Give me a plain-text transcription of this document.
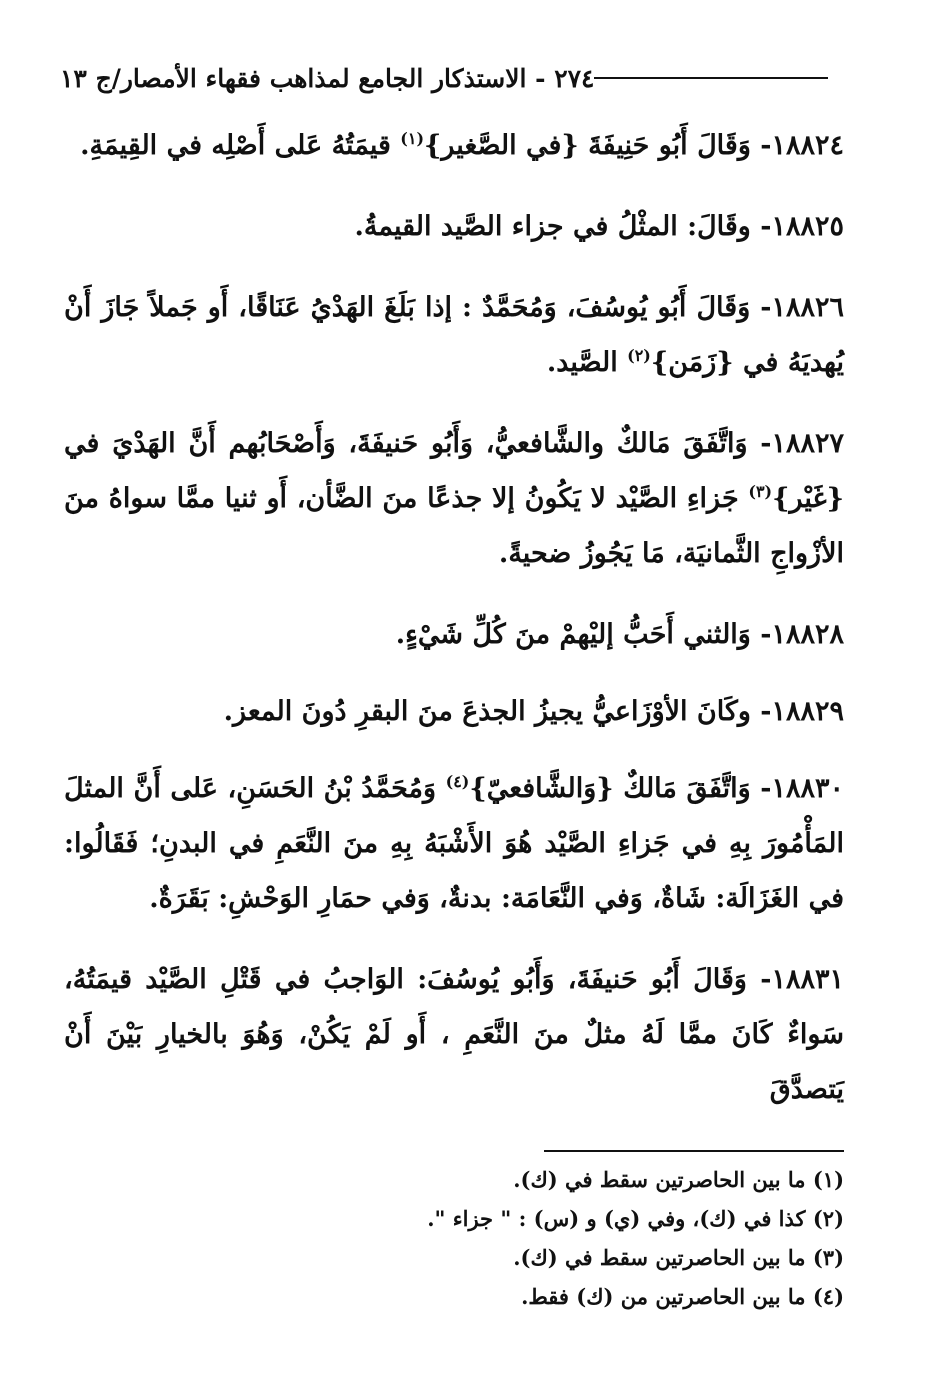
٢٧٤ - الاستذكار الجامع لمذاهب فقهاء الأمصار/ج ١٣

١٨٨٢٤- وَقَالَ أَبُو حَنِيفَةَ {في الصَّغير}$^{(١)}$ قيمَتُهُ عَلى أَصْلِه في القِيمَةِ.

١٨٨٢٥- وقَالَ: المثْلُ في جزاء الصَّيد القيمةُ.

١٨٨٢٦- وَقَالَ أَبُو يُوسُفَ، وَمُحَمَّدٌ : إذا بَلَغَ الهَدْيُ عَنَاقًا، أَو جَملاً جَازَ أَنْ يُهديَهُ في {زَمَن}$^{(٢)}$ الصَّيد.

١٨٨٢٧- وَاتَّفَقَ مَالكٌ والشَّافعيُّ، وَأَبُو حَنيفَةَ، وَأَصْحَابُهم أَنَّ الهَدْيَ في {غَيْر}$^{(٣)}$ جَزاءِ الصَّيْد لا يَكُونُ إلا جذعًا منَ الضَّأن، أَو ثنيا ممَّا سواهُ منَ الأزْواجِ الثَّمانيَة، مَا يَجُوزُ ضحيةً.

١٨٨٢٨- وَالثني أَحَبُّ إليْهمْ منَ كُلِّ شَيْءٍ.

١٨٨٢٩- وكَانَ الأوْزَاعيُّ يجيزُ الجذعَ منَ البقرِ دُونَ المعز.

١٨٨٣٠- وَاتَّفَقَ مَالكٌ {وَالشَّافعيّ}$^{(٤)}$ وَمُحَمَّدُ بْنُ الحَسَنِ، عَلى أَنَّ المثلَ المَأْمُورَ بِهِ في جَزاءِ الصَّيْد هُوَ الأَشْبَهُ بِهِ منَ النَّعَمِ في البدنِ؛ فَقَالُوا: في الغَزَالَة: شَاةٌ، وَفي النَّعَامَة: بدنةٌ، وَفي حمَارِ الوَحْشِ: بَقَرَةٌ.

١٨٨٣١- وَقَالَ أَبُو حَنيفَةَ، وَأَبُو يُوسُفَ: الوَاجبُ في قَتْلِ الصَّيْد قيمَتُهُ، سَواءٌ كَانَ ممَّا لَهُ مثلٌ منَ النَّعَمِ ، أَو لَمْ يَكُنْ، وَهُوَ بالخيارِ بَيْنَ أَنْ يَتصدَّقَ

(١) ما بين الحاصرتين سقط في (ك).

(٢) كذا في (ك)، وفي (ي) و (س) : " جزاء ".

(٣) ما بين الحاصرتين سقط في (ك).

(٤) ما بين الحاصرتين من (ك) فقط.
